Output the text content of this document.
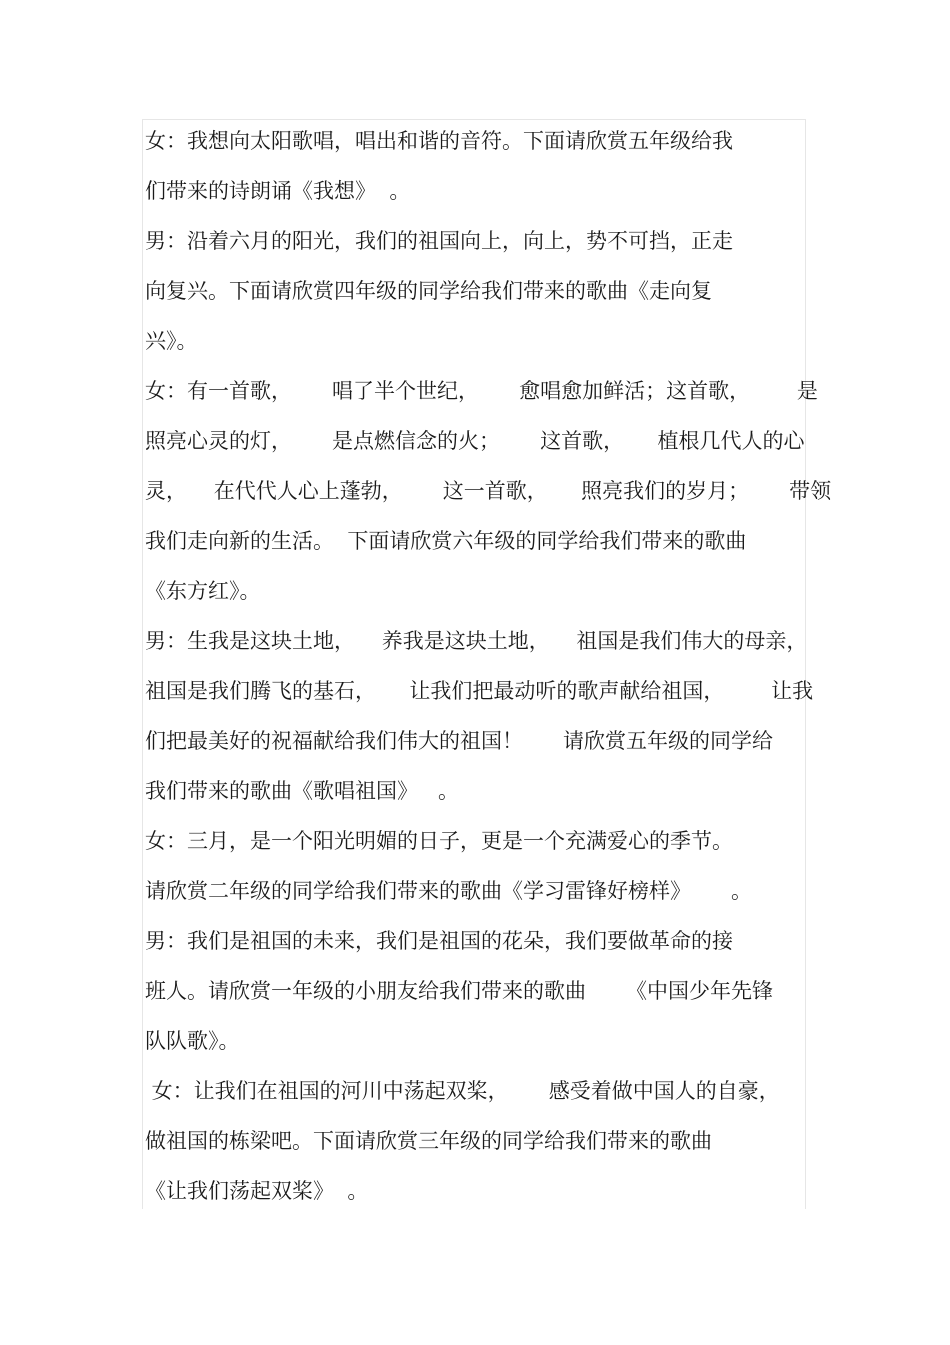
女：我想向太阳歌唱，唱出和谐的音符。下面请欣赏五年级给我
们带来的诗朗诵《我想》  。
男：沿着六月的阳光，我们的祖国向上，向上，势不可挡，正走
向复兴。下面请欣赏四年级的同学给我们带来的歌曲《走向复
兴》。
女：有一首歌，      唱了半个世纪，      愈唱愈加鲜活；这首歌，       是
照亮心灵的灯，      是点燃信念的火；      这首歌，     植根几代人的心
灵，    在代代人心上蓬勃，      这一首歌，     照亮我们的岁月；      带领
我们走向新的生活。  下面请欣赏六年级的同学给我们带来的歌曲
《东方红》。
男：生我是这块土地，    养我是这块土地，    祖国是我们伟大的母亲，
祖国是我们腾飞的基石，     让我们把最动听的歌声献给祖国，       让我
们把最美好的祝福献给我们伟大的祖国！      请欣赏五年级的同学给
我们带来的歌曲《歌唱祖国》   。
女：三月，是一个阳光明媚的日子，更是一个充满爱心的季节。
请欣赏二年级的同学给我们带来的歌曲《学习雷锋好榜样》      。
男：我们是祖国的未来，我们是祖国的花朵，我们要做革命的接
班人。请欣赏一年级的小朋友给我们带来的歌曲      《中国少年先锋
队队歌》。
女：让我们在祖国的河川中荡起双桨，      感受着做中国人的自豪，
做祖国的栋梁吧。下面请欣赏三年级的同学给我们带来的歌曲
《让我们荡起双桨》  。
